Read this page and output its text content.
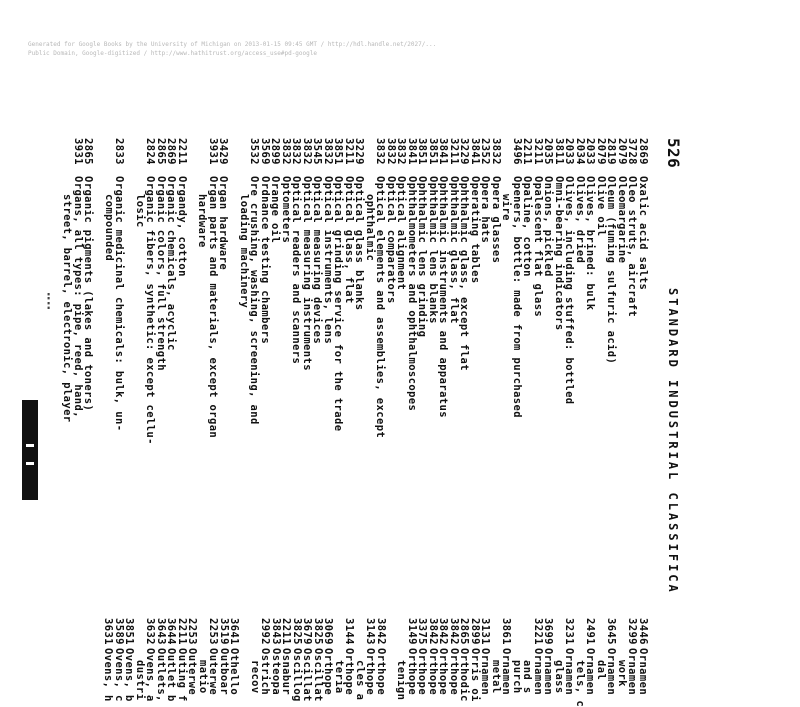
Generated for Google Books by the University of Michigan on 2013-01-15 09:45 GMT / http://hdl.handle.net/2027/...
Public Domain, Google-digitized / http://www.hathitrust.org/access_use#pd-google
⁞
526
STANDARD INDUSTRIAL CLASSIFICA
2869
Oxalic acid salts
3728
Oleo struts, aircraft
2079
Oleomargarine
2819
Oleum (fuming sulfuric acid)
2079
Olive oil
2033
Olives, brined: bulk
2034
Olives, dried
2033
Olives, including stuffed: bottled
3811
Omni-bearing indicators
2035
Onions, pickled
3211
Opalescent flat glass
2211
Opaline, cotton
3496
Openers, bottle: made from purchased
wire
3832
Opera glasses
2352
Opera hats
3841
Operating tables
3229
Ophthalmic glass, except flat
3211
Ophthalmic glass, flat
3841
Ophthalmic instruments and apparatus
3851
Ophthalmic lens blanks
3851
Ophthalmic lens grinding
3841
Ophthalmometers and ophthalmoscopes
3832
Optical alignment
3832
Optical comparators
3832
Optical elements and assemblies, except
ophthalmic
3229
Optical glass blanks
3211
Optical glass, flat
3851
Optical grinding service for the trade
3832
Optical instruments, lens
3545
Optical measuring devices
3832
Optical measuring instruments
3832
Optical readers and scanners
3832
Optometers
2899
Orange oil
3569
Ordnance testing chambers
3532
Ore crushing, washing, screening, and
loading machinery
3429
Organ hardware
3931
Organ parts and materials, except organ
hardware
2211
Organdy, cotton
2869
Organic chemicals, acyclic
2865
Organic colors, full strength
2824
Organic fibers, synthetic: except cellu-
losic
2833
Organic medicinal chemicals: bulk, un-
compounded
2865
Organic pigments (lakes and toners)
3931
Organs, all types: pipe, reed, hand,
street, barrel, electronic, player
3446
Ornamen
3299
Ornamen
work
3645
Ornamen
dal
2491
Ornamen
tels, c
3231
Ornamen
glass
3699
Ornamen
3221
Ornamen
and s
purch
3861
Ornamen
metal
3131
Ornamen
2899
Orris oi
2865
Orthodic
3842
Orthope
3842
Orthope
3842
Orthope
3375
Orthope
3149
Orthope
tenign
3842
Orthope
3143
Orthope
cles a
3144
Orthope
teria
3069
Orthope
3825
Oscillat
3679
Oscillat
3825
Oscillog
2211
Osnabur
3843
Osteopa
2992
Ostrich
recov
3641
Othello
3519
Outboar
2253
Outerwe
matio
2253
Outerwe
2211
Outing f
3644
Outlet b
3643
Outlets,
3632
Ovens, a
dustri
3851
Ovens, b
3589
Ovens, c
3631
Ovens, h
